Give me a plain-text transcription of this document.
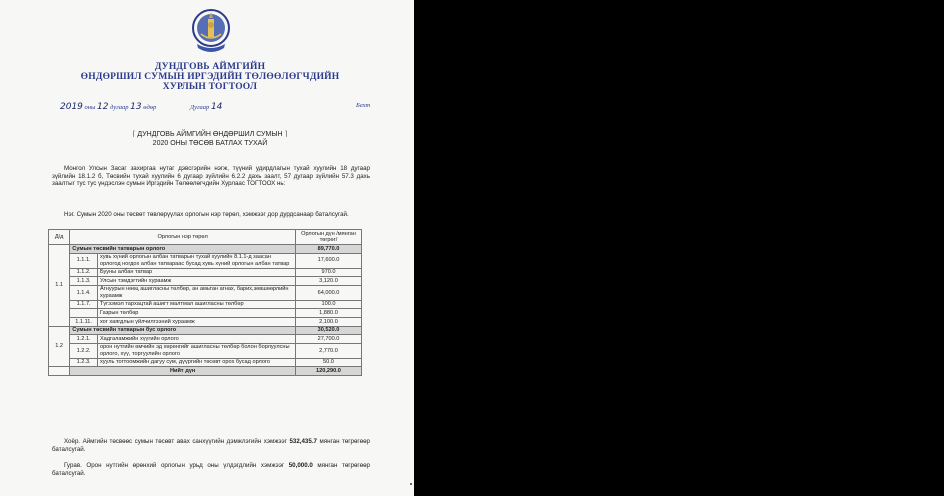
ДУНДГОВЬ АЙМГИЙН
ӨНДӨРШИЛ СУМЫН ИРГЭДИЙН ТӨЛӨӨЛӨГЧДИЙН
ХУРЛЫН ТОГТООЛ
2019 оны 12 дугаар 13 өдөр	Дугаар 14	Бехт
⌈ ДУНДГОВЬ АЙМГИЙН ӨНДӨРШИЛ СУМЫН ⌉
2020 ОНЫ ТӨСӨВ БАТЛАХ ТУХАЙ

Монгол Улсын Засаг захиргаа нутаг дэвсгэрийн нэгж, түүний удирдлагын тухай хуулийн 18 дугаар зүйлийн 18.1.2 б, Төсвийн тухай хуулийн 6 дугаар зүйлийн 6.2.2 дахь заалт, 57 дугаар зүйлийн 57.3 дахь заалтыг тус тус үндэслэн сумын Иргэдийн Төлөөлөгчдийн Хурлаас ТОГТООХ нь:

Нэг. Сумын 2020 оны төсвөт төвлөрүүлах орлогын нэр төрөл, хэмжээг дор дурдсанаар баталсугай.

Д/д	Орлогын нэр төрөл		Орлогын дүн /мянган төгрөг/
1.1	Сумын төсвийн татварын орлого		89,770.0
	1.1.1.	хувь хүний орлогын албан татварын тухай хуулийн 8.1.1-д заасан орлогод ногдох албан татвараас бусад хувь хүний орлогын албан татвар	17,600.0
	1.1.2.	Бууны албан татвар	970.0
	1.1.3.	Улсын тэмдэгтийн хураамж	3,120.0
	1.1.4.	Агнуурын нөөц ашигласны төлбөр, ан амьтан агнах, барих,зөвшөөрлийн хураамж	64,000.0
	1.1.7.	Түгээмэл тархацтай ашигт малтмал ашигласны төлбөр	100.0
		Газрын төлбөр	1,880.0
	1.1.11.	хог хаягдлын үйлчилгээний хураамж	2,100.0
1.2	Сумын төсвийн татварын бус орлого		30,520.0
	1.2.1.	Хадгаламжийн хүүгийн орлого	27,700.0
	1.2.2.	орон нутгийн өмчийн эд хөрөнгийг ашигласны төлбөр болон борлуулсны орлого, хүү, торгуулийн орлого	2,770.0
	1.2.3.	хууль тогтоомжийн дагуу сум, дүүргийн төсөвт орох бусад орлого	50.0
	Нийт дүн		120,290.0

Хоёр. Аймгийн төсвөөс сумын төсөвт авах санхүүгийн дэмжлэгийн хэмжээг 532,435.7 мянган төгрөгөөр баталсугай.

Гурав. Орон нутгийн өрөнхий орлогын урьд оны үлдэгдлийн хэмжээг 50,000.0 мянган төгрөгөөр баталсугай.
